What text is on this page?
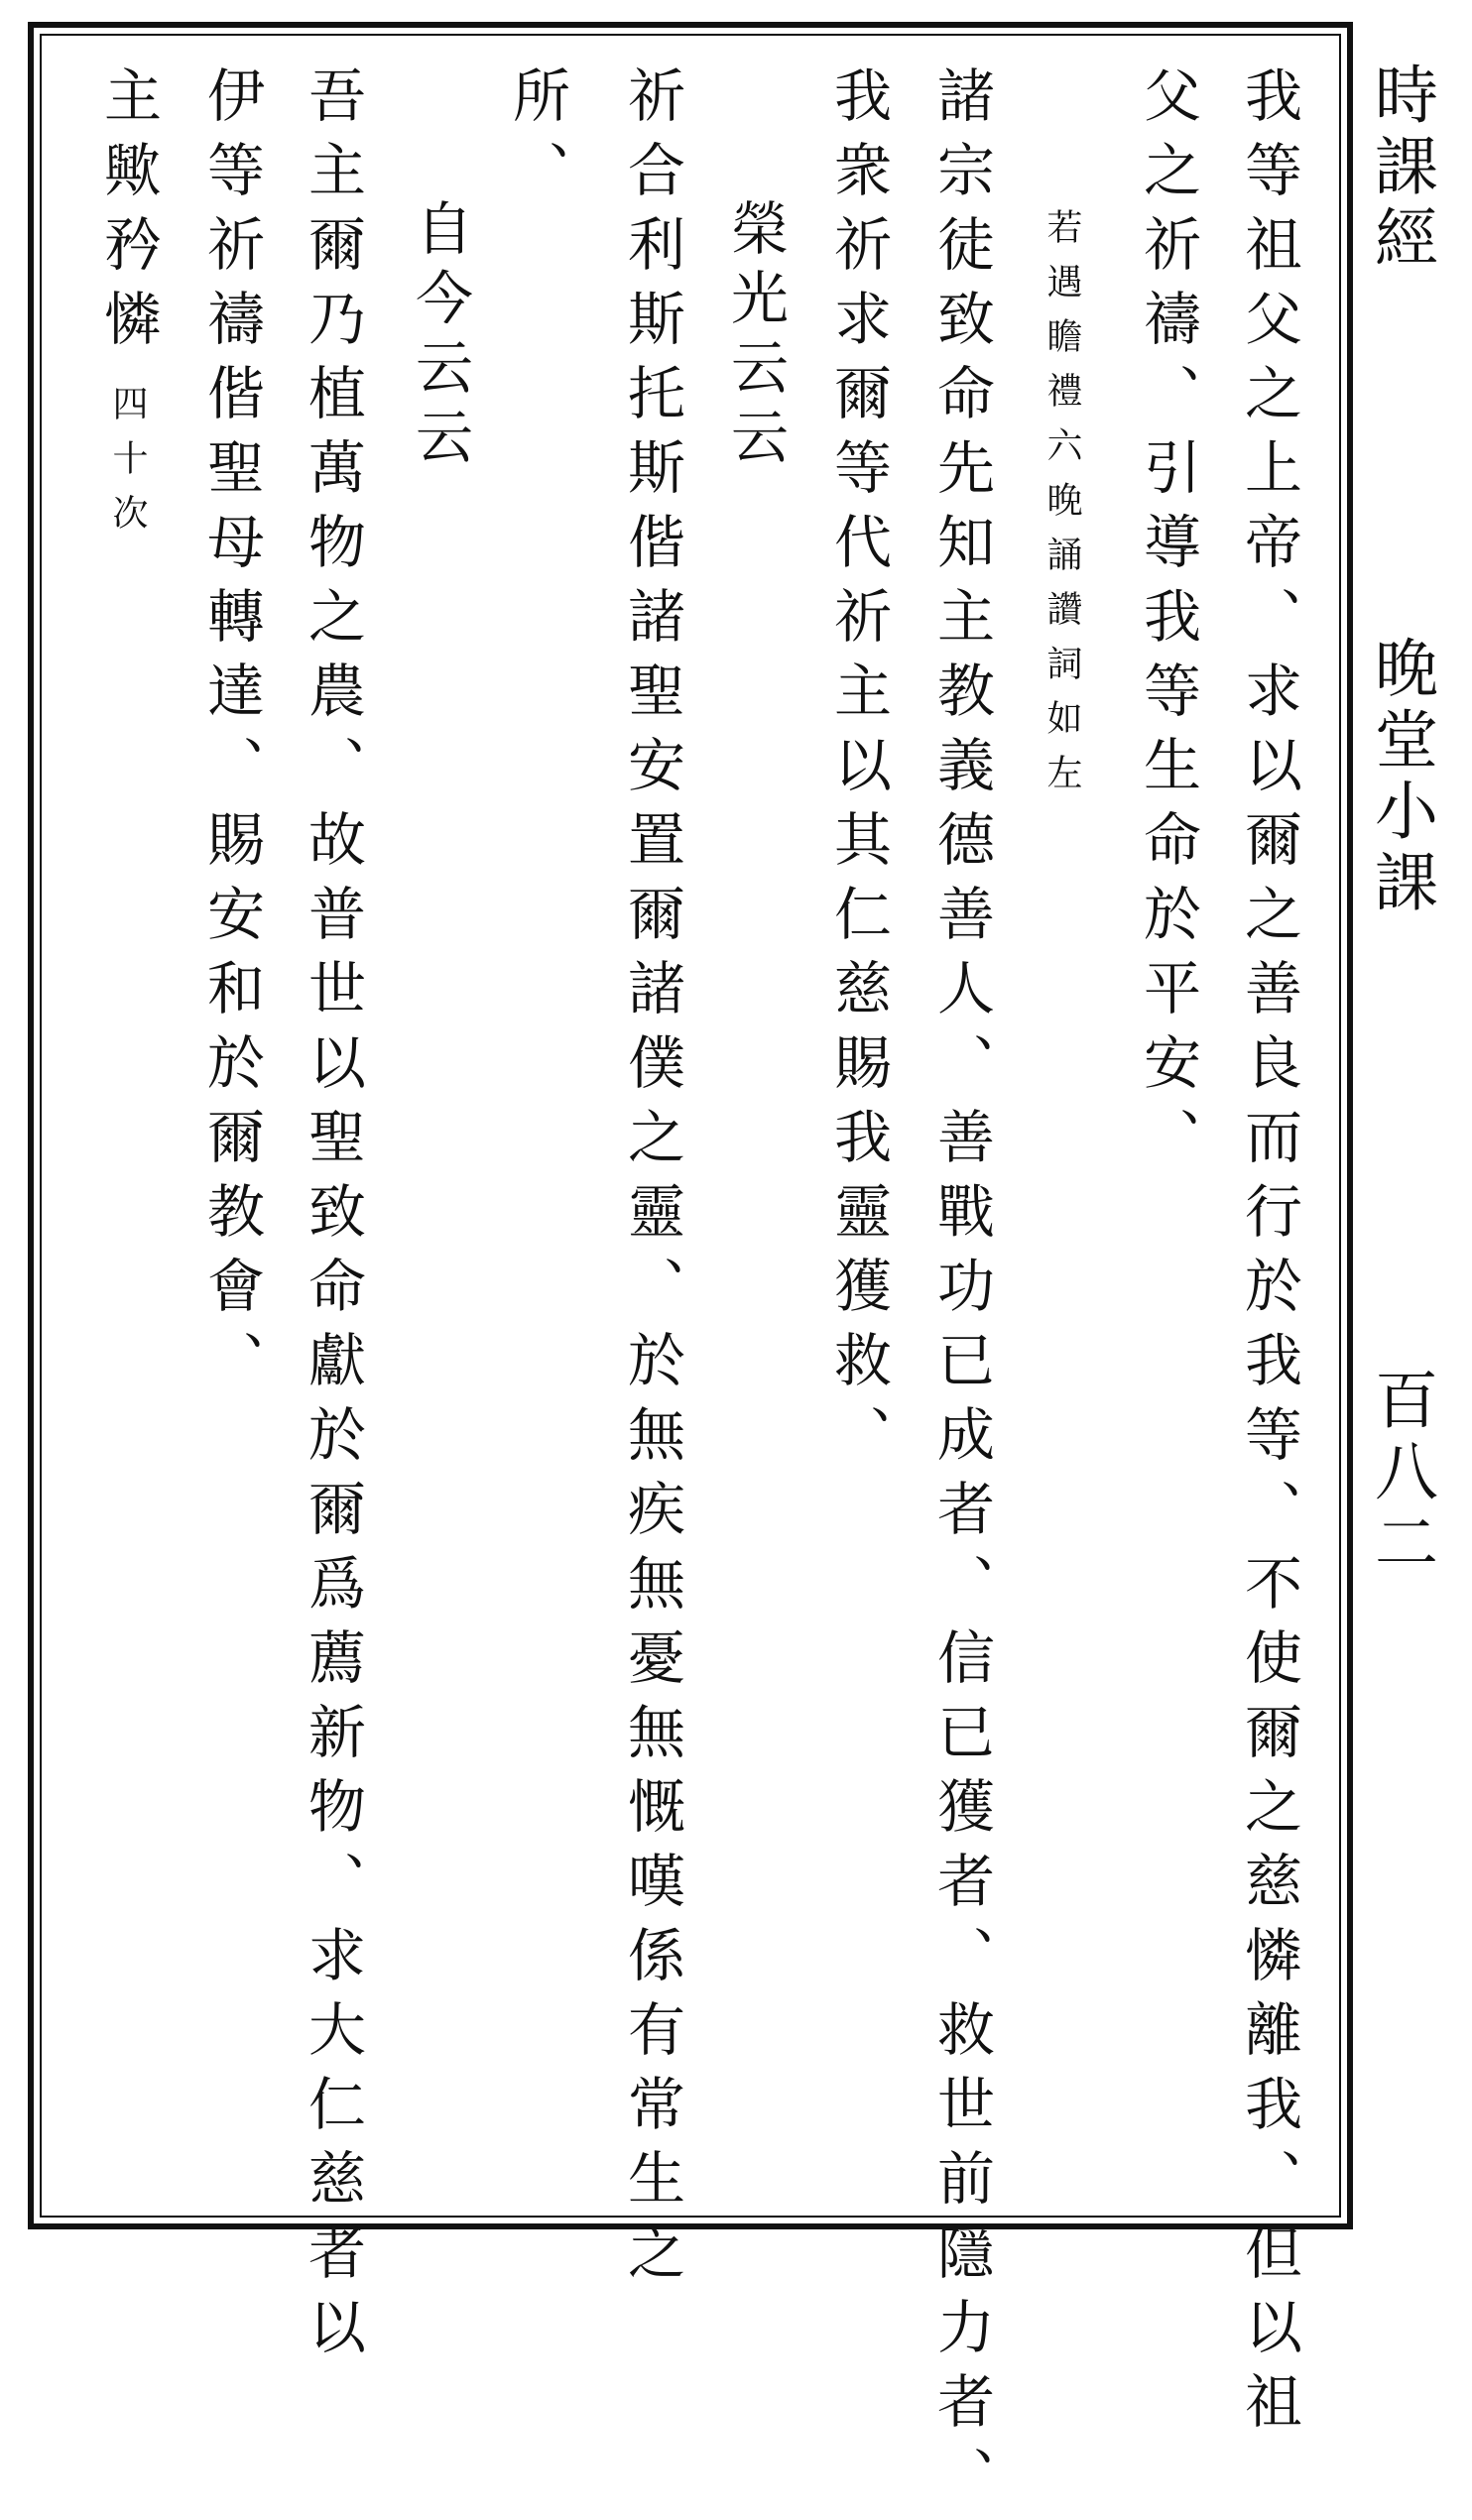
時課經
晚堂小課
百八二
我等祖父之上帝、求以爾之善良而行於我等、不使爾之慈憐離我、但以祖
父之祈禱、引導我等生命於平安、
若遇瞻禮六晚誦讚詞如左
諸宗徒致命先知主教義德善人、善戰功已成者、信已獲者、救世前隱力者、
我衆祈求爾等代祈主以其仁慈賜我靈獲救、
榮光云云
祈合利斯托斯偕諸聖安置爾諸僕之靈、於無疾無憂無慨嘆係有常生之
所、
自今云云
吾主爾乃植萬物之農、故普世以聖致命獻於爾爲薦新物、求大仁慈者以
伊等祈禱偕聖母轉達、賜安和於爾教會、
主歟矜憐
四十次
